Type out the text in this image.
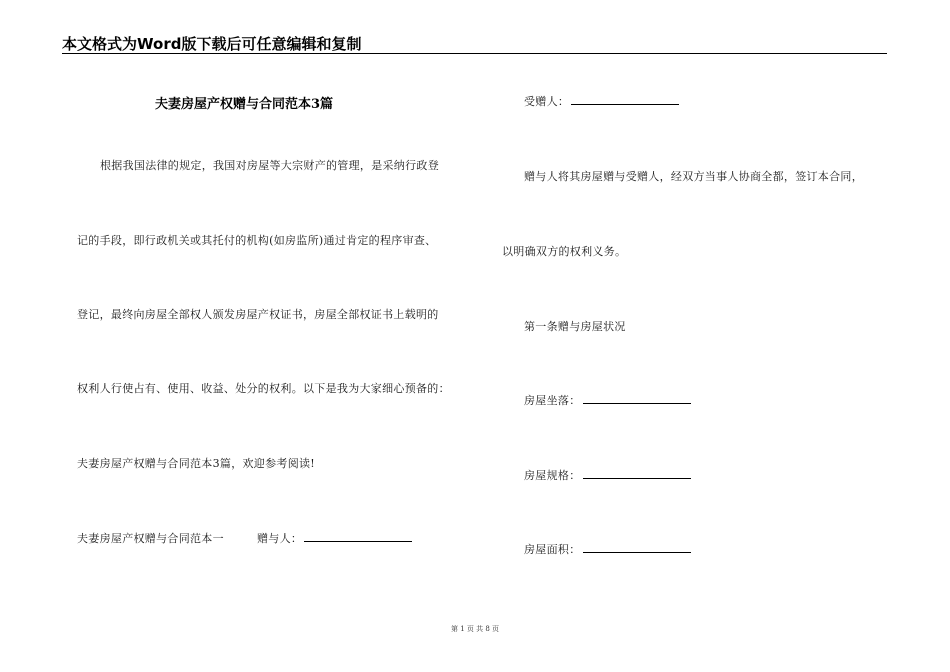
本文格式为Word版下载后可任意编辑和复制
夫妻房屋产权赠与合同范本3篇
根据我国法律的规定，我国对房屋等大宗财产的管理，是采纳行政登
记的手段，即行政机关或其托付的机构(如房监所)通过肯定的程序审查、
登记，最终向房屋全部权人颁发房屋产权证书，房屋全部权证书上载明的
权利人行使占有、使用、收益、处分的权利。以下是我为大家细心预备的：
夫妻房屋产权赠与合同范本3篇，欢迎参考阅读!
夫妻房屋产权赠与合同范本一	赠与人：
受赠人：
赠与人将其房屋赠与受赠人，经双方当事人协商全都，签订本合同，
以明确双方的权利义务。
第一条赠与房屋状况
房屋坐落：
房屋规格：
房屋面积：
第 1 页 共 8 页
